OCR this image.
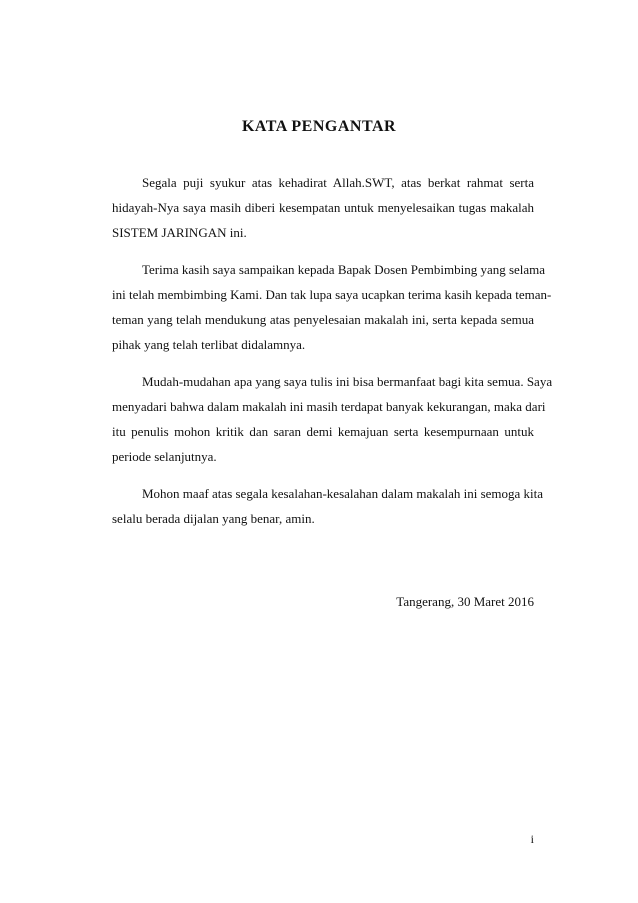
KATA PENGANTAR
Segala puji syukur atas kehadirat Allah.SWT, atas berkat rahmat serta
hidayah-Nya saya masih diberi kesempatan untuk menyelesaikan tugas makalah
SISTEM JARINGAN ini.
Terima kasih saya sampaikan kepada Bapak Dosen Pembimbing yang selama
ini telah membimbing Kami. Dan tak lupa saya ucapkan terima kasih kepada teman-
teman yang telah mendukung atas penyelesaian makalah ini, serta kepada semua
pihak yang telah terlibat didalamnya.
Mudah-mudahan apa yang saya tulis ini bisa bermanfaat bagi kita semua. Saya
menyadari bahwa dalam makalah ini masih terdapat banyak kekurangan, maka dari
itu penulis mohon kritik dan saran demi kemajuan serta kesempurnaan untuk
periode selanjutnya.
Mohon maaf atas segala kesalahan-kesalahan dalam makalah ini semoga kita
selalu berada dijalan yang benar, amin.
Tangerang, 30 Maret 2016
i
